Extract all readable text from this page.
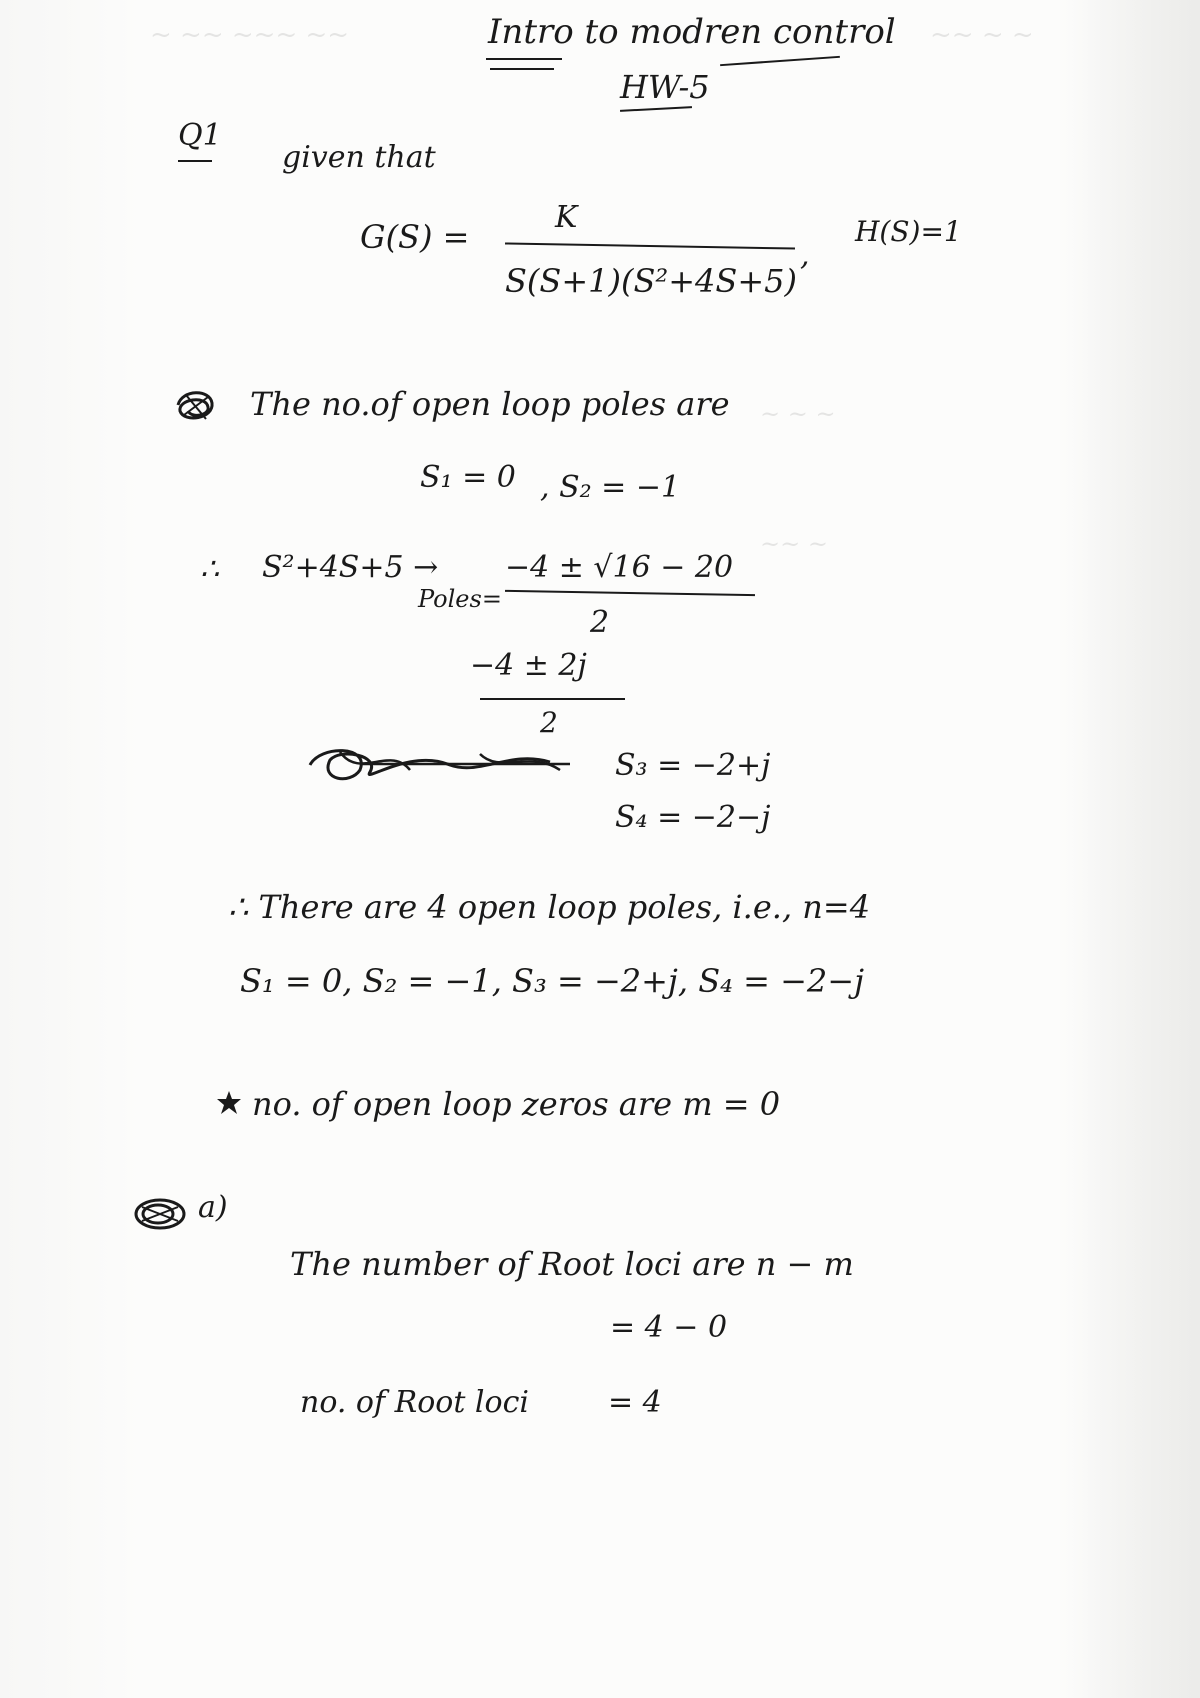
~ ~~ ~~~ ~~	~~ ~ ~
~ ~ ~
~~ ~
Intro to modren control
HW-5
Q1
given that
G(S) =
K
S(S+1)(S²+4S+5)
,
H(S)=1
The no.of open loop poles are
S₁ = 0 , S₂ = −1
∴ S²+4S+5 →
Poles=
−4 ± √16 − 20
2
−4 ± 2j
2
S₃ = −2+j
S₄ = −2−j
∴ There are 4 open loop poles, i.e., n=4
S₁ = 0, S₂ = −1, S₃ = −2+j, S₄ = −2−j
no. of open loop zeros are m = 0
a)
The number of Root loci are n − m
= 4 − 0
no. of Root loci	= 4
